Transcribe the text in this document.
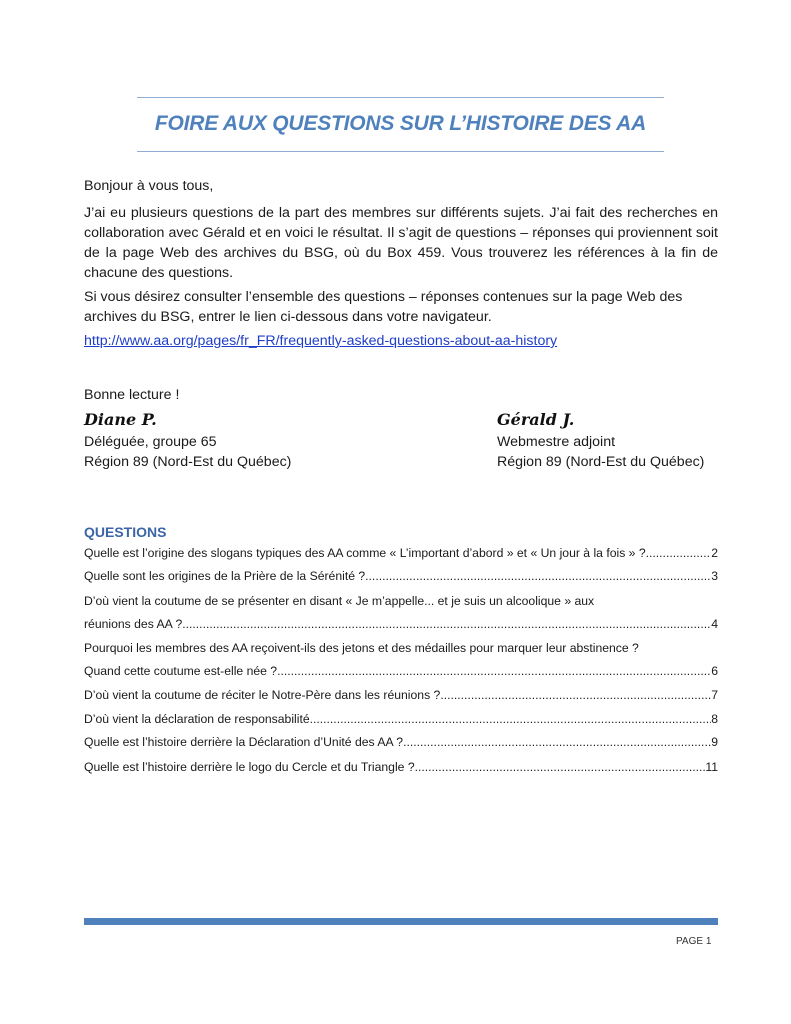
FOIRE AUX QUESTIONS SUR L’HISTOIRE DES AA
Bonjour à vous tous,
J’ai eu plusieurs questions de la part des membres sur différents sujets. J’ai fait des recherches en collaboration avec Gérald et en voici le résultat. Il s’agit de questions – réponses qui proviennent soit de la page Web des archives du BSG, où du Box 459. Vous trouverez les références à la fin de chacune des questions.
Si vous désirez consulter l’ensemble des questions – réponses contenues sur la page Web des archives du BSG, entrer le lien ci-dessous dans votre navigateur.
http://www.aa.org/pages/fr_FR/frequently-asked-questions-about-aa-history
Bonne lecture !
Diane P.
Déléguée, groupe 65
Région 89 (Nord-Est du Québec)
Gérald J.
Webmestre adjoint
Région 89 (Nord-Est du Québec)
QUESTIONS
Quelle est l’origine des slogans typiques des AA comme « L’important d’abord » et « Un jour à la fois » ? .....	2
Quelle sont les origines de la Prière de la Sérénité ? .....	3
D’où vient la coutume de se présenter en disant « Je m’appelle... et je suis un alcoolique » aux
réunions des AA ? .....	4
Pourquoi les membres des AA reçoivent-ils des jetons et des médailles pour marquer leur abstinence ?
Quand cette coutume est-elle née ? .....	6
D’où vient la coutume de réciter le Notre-Père dans les réunions ? .....	7
D’où vient la déclaration de responsabilité .....	8
Quelle est l’histoire derrière la Déclaration d’Unité des AA ? .....	9
Quelle est l’histoire derrière le logo du Cercle et du Triangle ? .....	11
PAGE 1
